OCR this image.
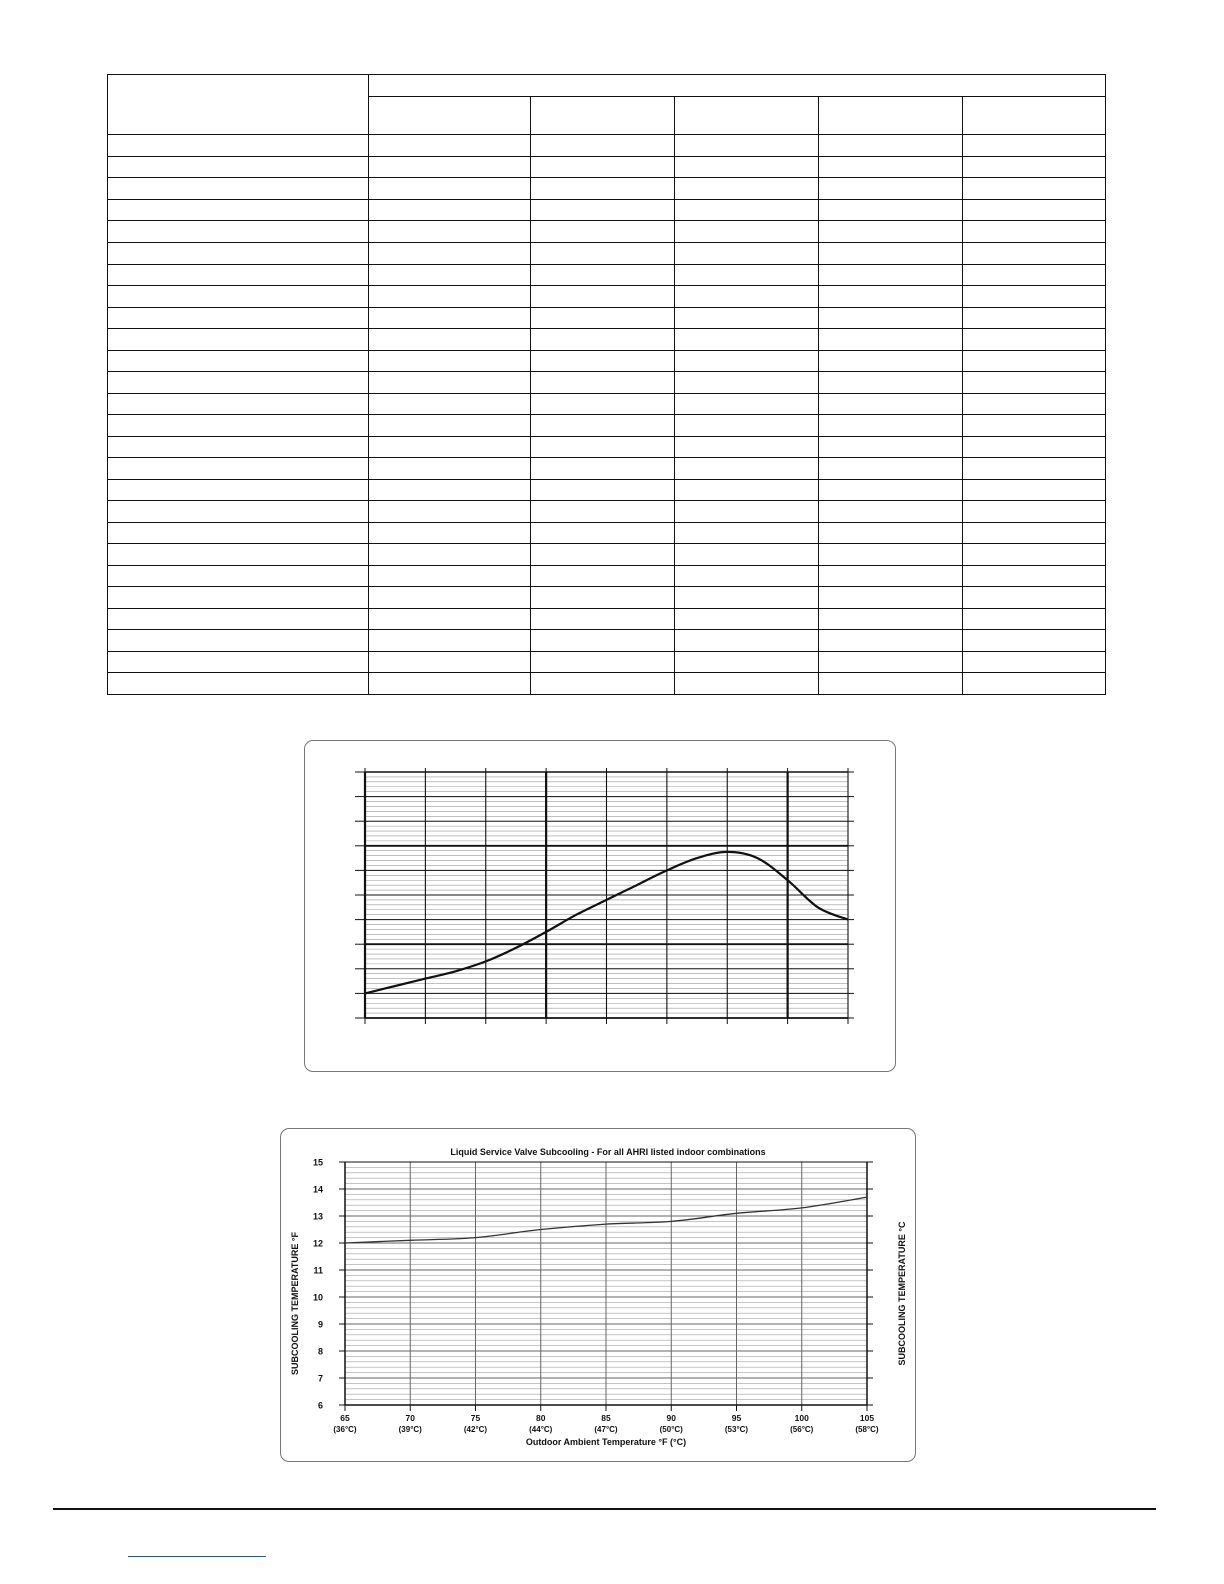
Liquid Service Valve Subcooling - For all AHRI listed indoor combinations
6
7
8
9
10
11
12
13
14
15
65
(36°C)
70
(39°C)
75
(42°C)
80
(44°C)
85
(47°C)
90
(50°C)
95
(53°C)
100
(56°C)
105
(58°C)
Outdoor Ambient Temperature °F (°C)
SUBCOOLING TEMPERATURE °F	SUBCOOLING TEMPERATURE °C
